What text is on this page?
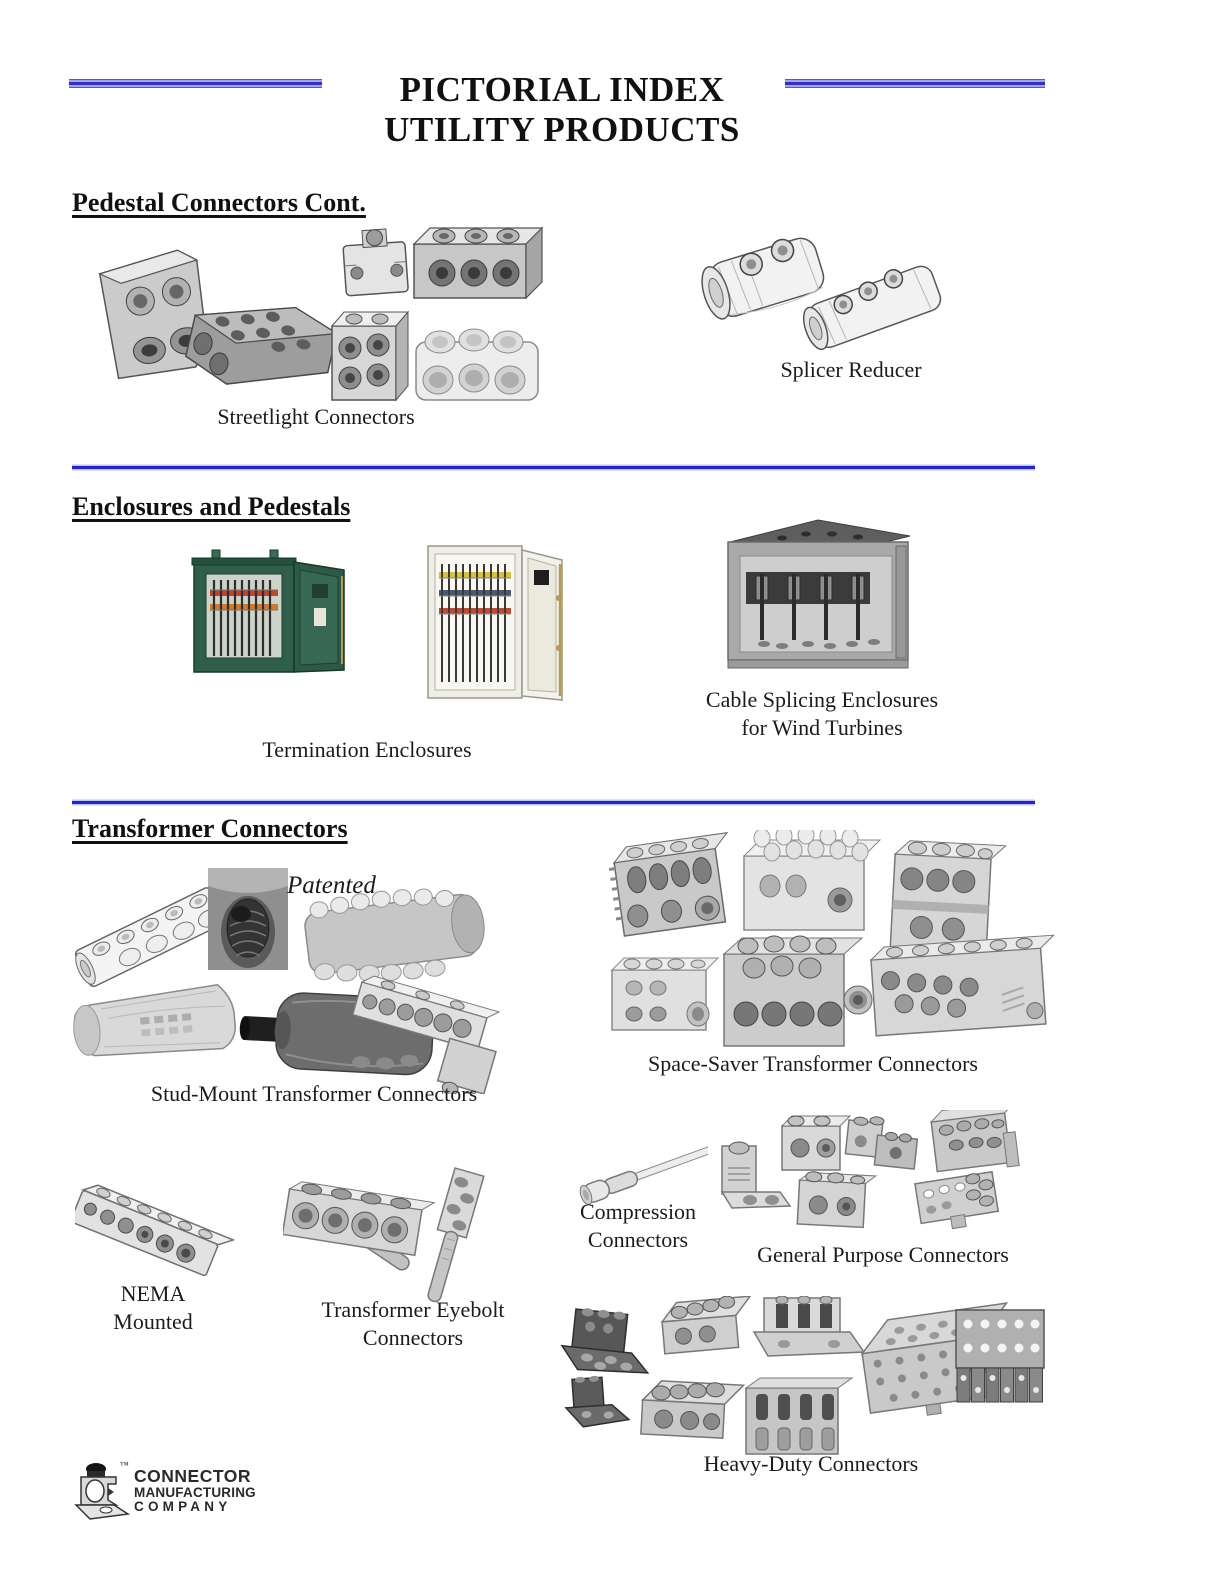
PICTORIAL INDEX
UTILITY PRODUCTS
Pedestal Connectors Cont.
Streetlight Connectors
Splicer Reducer
Enclosures and Pedestals
Termination Enclosures
Cable Splicing Enclosures
for Wind Turbines
Transformer Connectors
Patented
Stud-Mount Transformer Connectors
Space-Saver Transformer Connectors
Compression
Connectors
General Purpose Connectors
NEMA
Mounted	Transformer Eyebolt
Connectors
Heavy-Duty Connectors
™
CONNECTOR
MANUFACTURING
COMPANY
